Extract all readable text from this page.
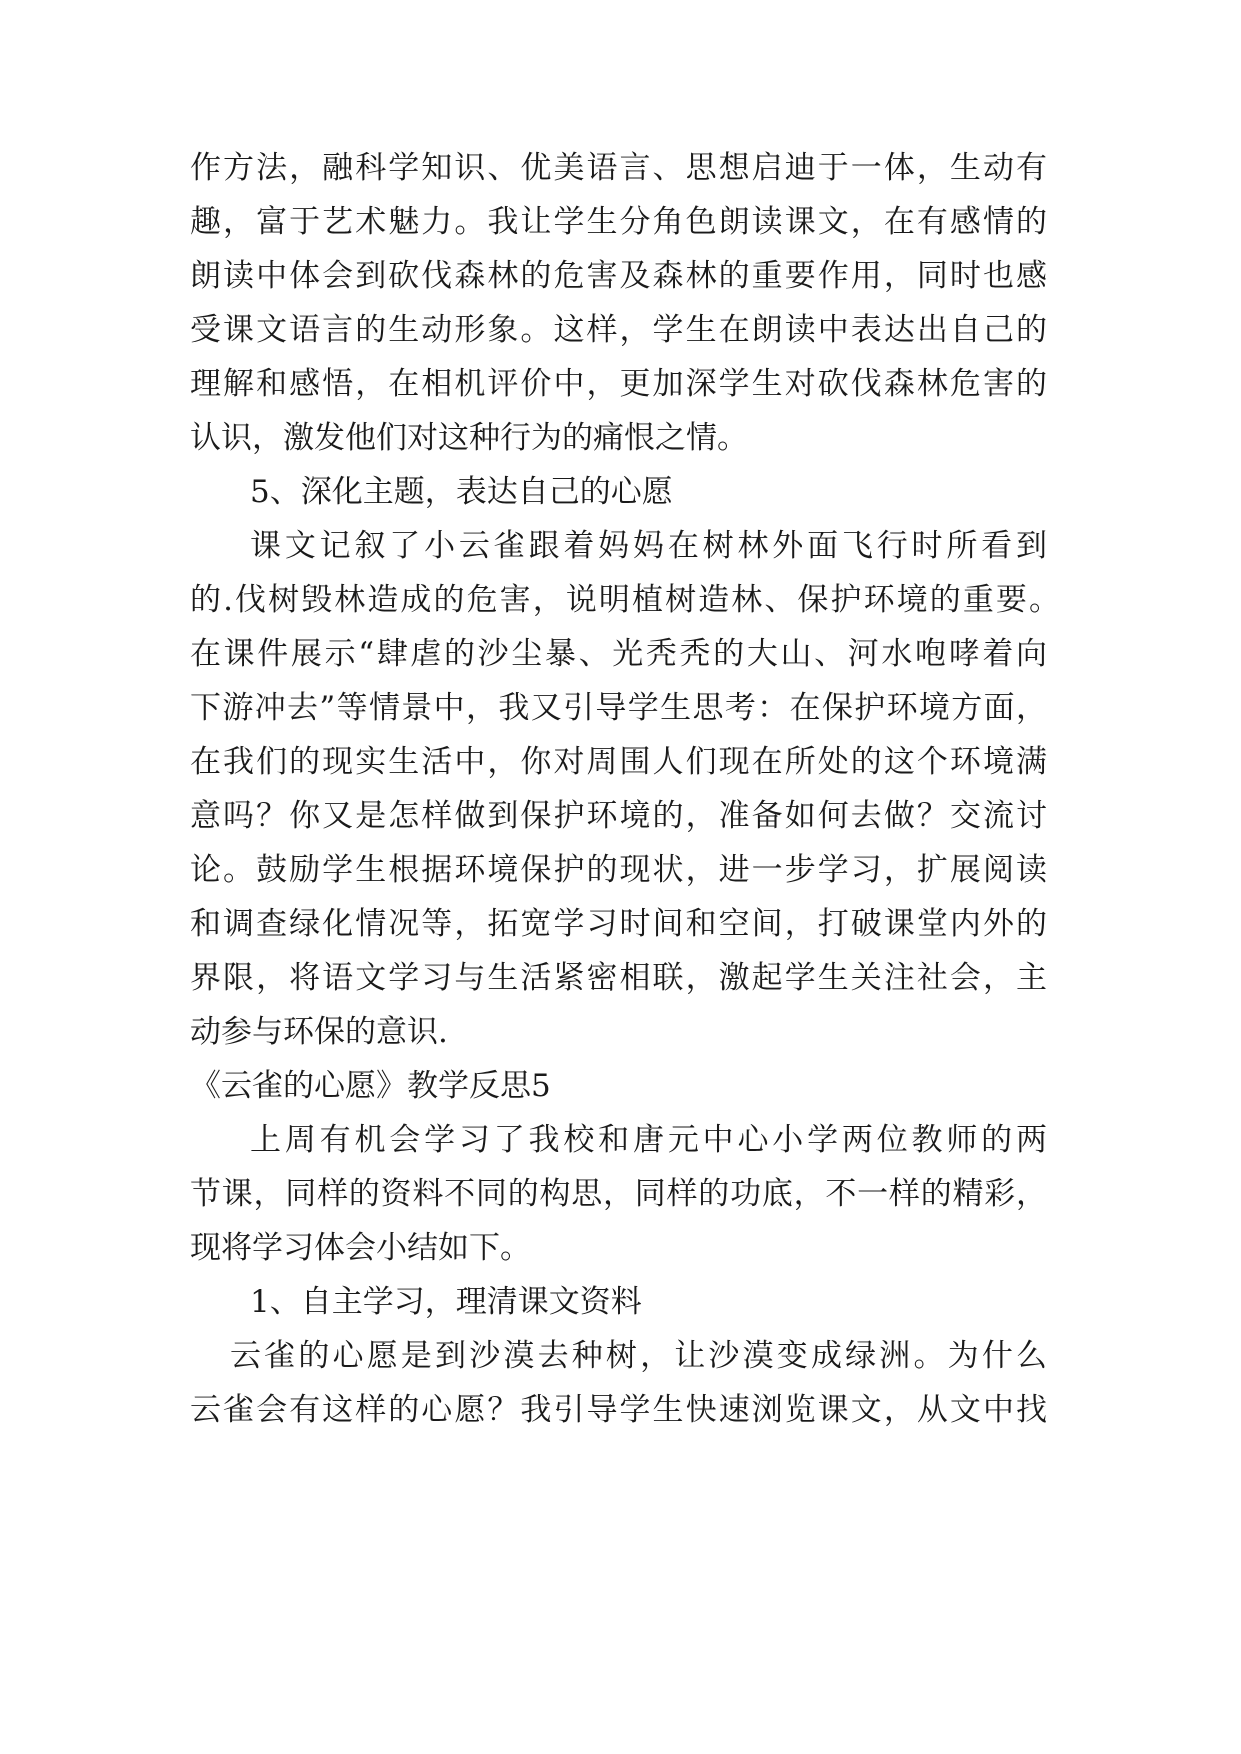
作方法，融科学知识、优美语言、思想启迪于一体，生动有
趣，富于艺术魅力。我让学生分角色朗读课文，在有感情的
朗读中体会到砍伐森林的危害及森林的重要作用，同时也感
受课文语言的生动形象。这样，学生在朗读中表达出自己的
理解和感悟，在相机评价中，更加深学生对砍伐森林危害的
认识，激发他们对这种行为的痛恨之情。
5、深化主题，表达自己的心愿
课文记叙了小云雀跟着妈妈在树林外面飞行时所看到
的.伐树毁林造成的危害，说明植树造林、保护环境的重要。
在课件展示“肆虐的沙尘暴、光秃秃的大山、河水咆哮着向
下游冲去”等情景中，我又引导学生思考：在保护环境方面，
在我们的现实生活中，你对周围人们现在所处的这个环境满
意吗？你又是怎样做到保护环境的，准备如何去做？交流讨
论。鼓励学生根据环境保护的现状，进一步学习，扩展阅读
和调查绿化情况等，拓宽学习时间和空间，打破课堂内外的
界限，将语文学习与生活紧密相联，激起学生关注社会，主
动参与环保的意识.
《云雀的心愿》教学反思5
上周有机会学习了我校和唐元中心小学两位教师的两
节课，同样的资料不同的构思，同样的功底，不一样的精彩，
现将学习体会小结如下。
1、自主学习，理清课文资料
云雀的心愿是到沙漠去种树，让沙漠变成绿洲。为什么
云雀会有这样的心愿？我引导学生快速浏览课文，从文中找
